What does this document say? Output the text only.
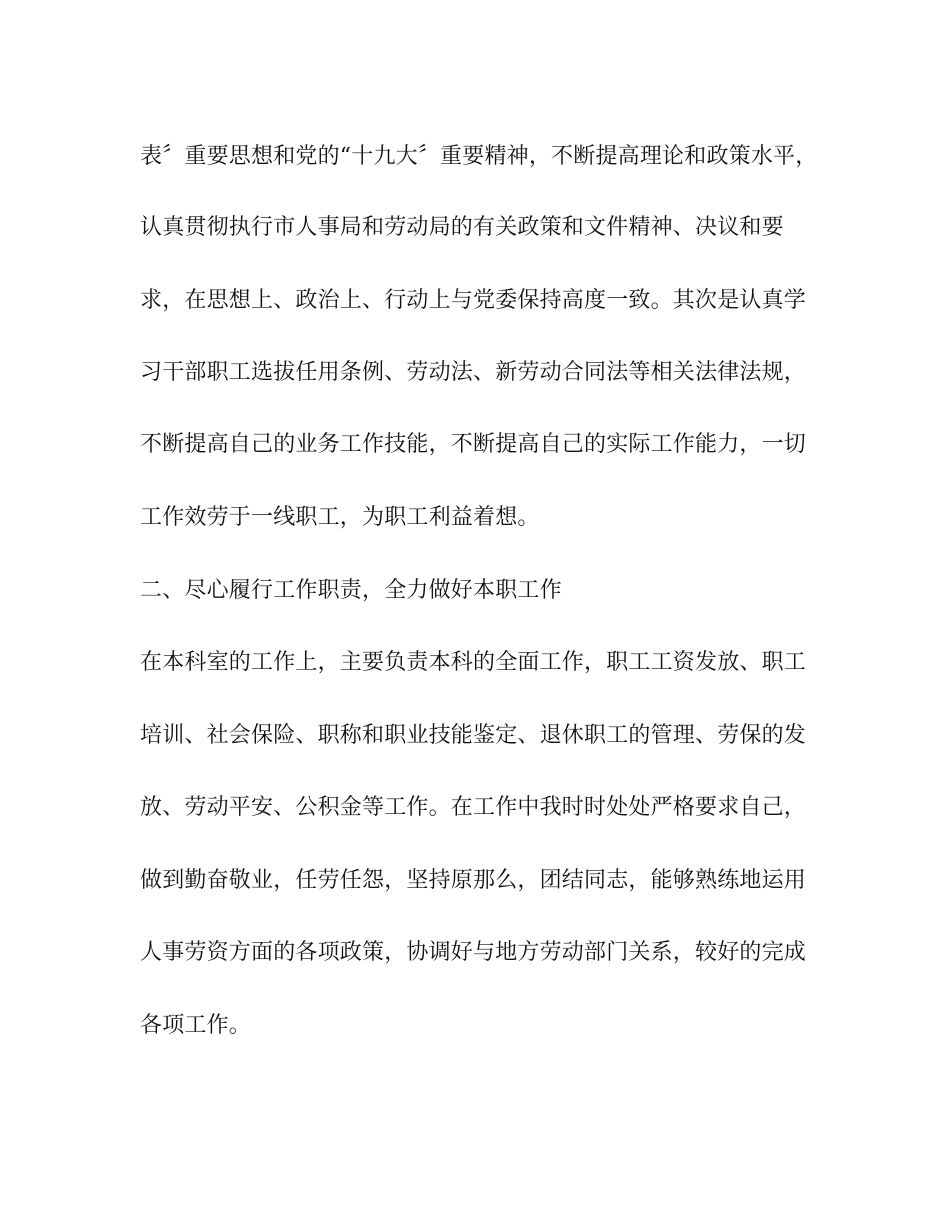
表〞重要思想和党的“十九大〞重要精神，不断提高理论和政策水平，
认真贯彻执行市人事局和劳动局的有关政策和文件精神、决议和要
求，在思想上、政治上、行动上与党委保持高度一致。其次是认真学
习干部职工选拔任用条例、劳动法、新劳动合同法等相关法律法规，
不断提高自己的业务工作技能，不断提高自己的实际工作能力，一切
工作效劳于一线职工，为职工利益着想。
二、尽心履行工作职责，全力做好本职工作
在本科室的工作上，主要负责本科的全面工作，职工工资发放、职工
培训、社会保险、职称和职业技能鉴定、退休职工的管理、劳保的发
放、劳动平安、公积金等工作。在工作中我时时处处严格要求自己，
做到勤奋敬业，任劳任怨，坚持原那么，团结同志，能够熟练地运用
人事劳资方面的各项政策，协调好与地方劳动部门关系，较好的完成
各项工作。
